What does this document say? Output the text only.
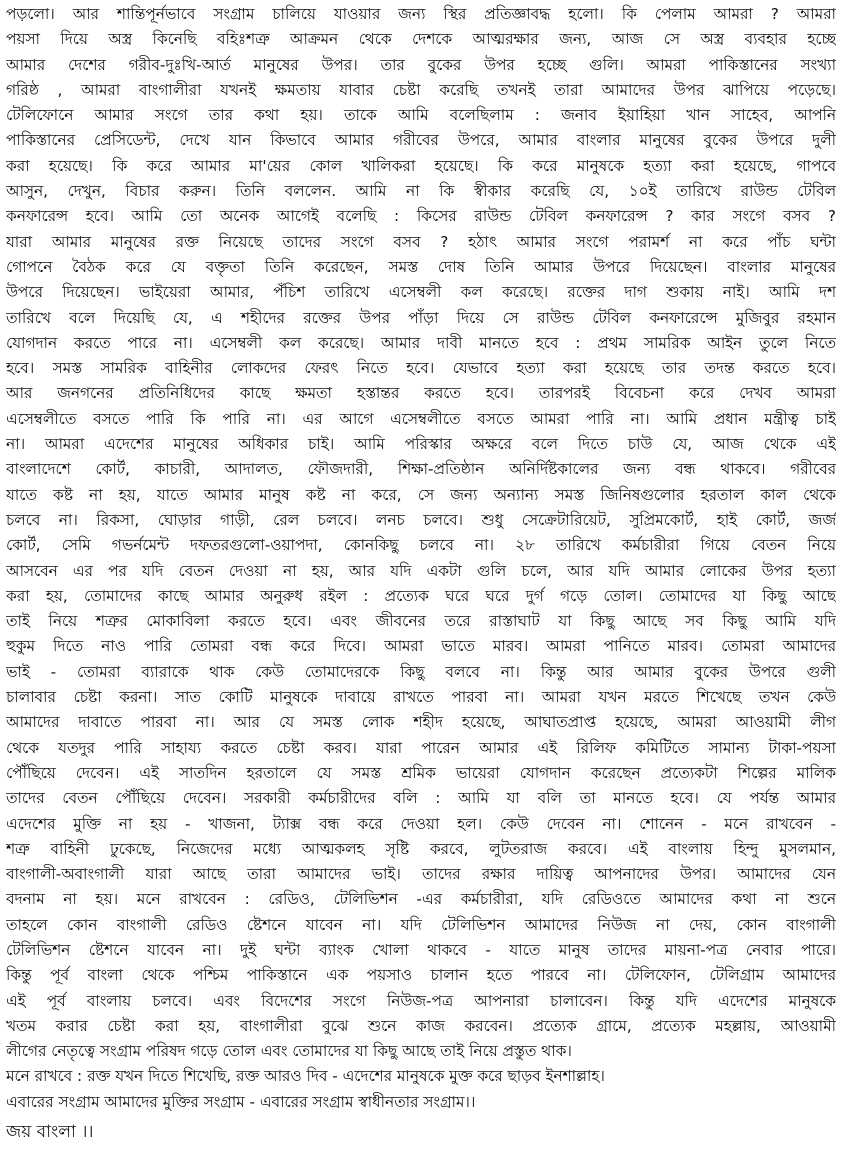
পড়লো। আর শান্তিপূর্নভাবে সংগ্রাম চালিয়ে যাওয়ার জন্য স্থির প্রতিজ্ঞাবদ্ধ হলো। কি পেলাম আমরা ? আমরা
পয়সা দিয়ে অস্ত্র কিনেছি বহিঃশত্রু আক্রমন থেকে দেশকে আত্মরক্ষার জন্য, আজ সে অস্ত্র ব্যবহার হচ্ছে
আমার দেশের গরীব-দুঃখি-আর্ত মানুষের উপর। তার বুকের উপর হচ্ছে গুলি। আমরা পাকিস্তানের সংখ্যা
গরিষ্ঠ , আমরা বাংগালীরা যখনই ক্ষমতায় যাবার চেষ্টা করেছি তখনই তারা আমাদের উপর ঝাপিয়ে পড়েছে।
টেলিফোনে আমার সংগে তার কথা হয়। তাকে আমি বলেছিলাম : জনাব ইয়াহিয়া খান সাহেব, আপনি
পাকিস্তানের প্রেসিডেন্ট, দেখে যান কিভাবে আমার গরীবের উপরে, আমার বাংলার মানুষের বুকের উপরে দুলী
করা হয়েছে। কি করে আমার মা'য়ের কোল খালিকরা হয়েছে। কি করে মানুষকে হত্যা করা হয়েছে, গাপবে
আসুন, দেখুন, বিচার করুন। তিনি বললেন. আমি না কি স্বীকার করেছি যে, ১০ই তারিখে রাউন্ড টেবিল
কনফারেন্স হবে। আমি তো অনেক আগেই বলেছি : কিসের রাউন্ড টেবিল কনফারেন্স ? কার সংগে বসব ?
যারা আমার মানুষের রক্ত নিয়েছে তাদের সংগে বসব ? হঠাৎ আমার সংগে পরামর্শ না করে পাঁচ ঘন্টা
গোপনে বৈঠক করে যে বক্তৃতা তিনি করেছেন, সমস্ত দোষ তিনি আমার উপরে দিয়েছেন। বাংলার মানুষের
উপরে দিয়েছেন। ভাইয়েরা আমার, পঁচিশ তারিখে এসেম্বলী কল করেছে। রক্তের দাগ শুকায় নাই। আমি দশ
তারিখে বলে দিয়েছি যে, এ শহীদের রক্তের উপর পাঁড়া দিয়ে সে রাউন্ড টেবিল কনফারেন্সে মুজিবুর রহমান
যোগদান করতে পারে না। এসেম্বলী কল করেছে। আমার দাবী মানতে হবে : প্রথম সামরিক আইন তুলে নিতে
হবে। সমস্ত সামরিক বাহিনীর লোকদের ফেরৎ নিতে হবে। যেভাবে হত্যা করা হয়েছে তার তদন্ত করতে হবে।
আর জনগনের প্রতিনিধিদের কাছে ক্ষমতা হস্তান্তর করতে হবে। তারপরই বিবেচনা করে দেখব আমরা
এসেম্বলীতে বসতে পারি কি পারি না। এর আগে এসেম্বলীতে বসতে আমরা পারি না। আমি প্রধান মন্ত্রীত্ব চাই
না। আমরা এদেশের মানুষের অধিকার চাই। আমি পরিস্কার অক্ষরে বলে দিতে চাউ যে, আজ থেকে এই
বাংলাদেশে কোর্ট, কাচারী, আদালত, ফৌজদারী, শিক্ষা-প্রতিষ্ঠান অনির্দিষ্টকালের জন্য বন্ধ থাকবে। গরীবের
যাতে কষ্ট না হয়, যাতে আমার মানুষ কষ্ট না করে, সে জন্য অন্যান্য সমস্ত জিনিষগুলোর হরতাল কাল থেকে
চলবে না। রিকসা, ঘোড়ার গাড়ী, রেল চলবে। লনচ চলবে। শুধু সেক্রেটারিয়েট, সুপ্রিমকোর্ট, হাই কোর্ট, জর্জ
কোর্ট, সেমি গভর্নমেন্ট দফতরগুলো-ওয়াপদা, কোনকিছু চলবে না। ২৮ তারিখে কর্মচারীরা গিয়ে বেতন নিয়ে
আসবেন এর পর যদি বেতন দেওয়া না হয়, আর যদি একটা গুলি চলে, আর যদি আমার লোকের উপর হত্যা
করা হয়, তোমাদের কাছে আমার অনুরুধ রইল : প্রত্যেক ঘরে ঘরে দুর্গ গড়ে তোল। তোমাদের যা কিছু আছে
তাই নিয়ে শত্রুর মোকাবিলা করতে হবে। এবং জীবনের তরে রাস্তাঘাট যা কিছু আছে সব কিছু আমি যদি
হুকুম দিতে নাও পারি তোমরা বন্ধ করে দিবে। আমরা ভাতে মারব। আমরা পানিতে মারব। তোমরা আমাদের
ভাই - তোমরা ব্যারাকে থাক কেউ তোমাদেরকে কিছু বলবে না। কিন্তু আর আমার বুকের উপরে গুলী
চালাবার চেষ্টা করনা। সাত কোটি মানুষকে দাবায়ে রাখতে পারবা না। আমরা যখন মরতে শিখেছে তখন কেউ
আমাদের দাবাতে পারবা না। আর যে সমস্ত লোক শহীদ হয়েছে, আঘাতপ্রাপ্ত হয়েছে, আমরা আওয়ামী লীগ
থেকে যতদুর পারি সাহায্য করতে চেষ্টা করব। যারা পারেন আমার এই রিলিফ কমিটিতে সামান্য টাকা-পয়সা
পৌঁছিয়ে দেবেন। এই সাতদিন হরতালে যে সমস্ত শ্রমিক ভায়েরা যোগদান করেছেন প্রত্যেকটা শিল্পের মালিক
তাদের বেতন পৌঁছিয়ে দেবেন। সরকারী কর্মচারীদের বলি : আমি যা বলি তা মানতে হবে। যে পর্যন্ত আমার
এদেশের মুক্তি না হয় - খাজনা, ট্যাক্স বন্ধ করে দেওয়া হল। কেউ দেবেন না। শোনেন - মনে রাখবেন -
শত্রু বাহিনী ঢুকেছে, নিজেদের মধ্যে আত্মকলহ সৃষ্টি করবে, লুটতরাজ করবে। এই বাংলায় হিন্দু মুসলমান,
বাংগালী-অবাংগালী যারা আছে তারা আমাদের ভাই। তাদের রক্ষার দায়িত্ব আপনাদের উপর। আমাদের যেন
বদনাম না হয়। মনে রাখবেন : রেডিও, টেলিভিশন -এর কর্মচারীরা, যদি রেডিওতে আমাদের কথা না শুনে
তাহলে কোন বাংগালী রেডিও ষ্টেশনে যাবেন না। যদি টেলিভিশন আমাদের নিউজ না দেয়, কোন বাংগালী
টেলিভিশন ষ্টেশনে যাবেন না। দুই ঘন্টা ব্যাংক খোলা থাকবে - যাতে মানুষ তাদের মায়না-পত্র নেবার পারে।
কিন্তু পূর্ব বাংলা থেকে পশ্চিম পাকিস্তানে এক পয়সাও চালান হতে পারবে না। টেলিফোন, টেলিগ্রাম আমাদের
এই পূর্ব বাংলায় চলবে। এবং বিদেশের সংগে নিউজ-পত্র আপনারা চালাবেন। কিন্তু যদি এদেশের মানুষকে
খতম করার চেষ্টা করা হয়, বাংগালীরা বুঝে শুনে কাজ করবেন। প্রত্যেক গ্রামে, প্রত্যেক মহল্লায়, আওয়ামী
লীগের নেতৃত্বে সংগ্রাম পরিষদ গড়ে তোল এবং তোমাদের যা কিছু আছে তাই নিয়ে প্রস্তুত থাক।
মনে রাখবে : রক্ত যখন দিতে শিখেছি, রক্ত আরও দিব - এদেশের মানুষকে মুক্ত করে ছাড়ব ইনশাল্লাহ।
এবারের সংগ্রাম আমাদের মুক্তির সংগ্রাম - এবারের সংগ্রাম স্বাধীনতার সংগ্রাম।।
জয় বাংলা ।।
